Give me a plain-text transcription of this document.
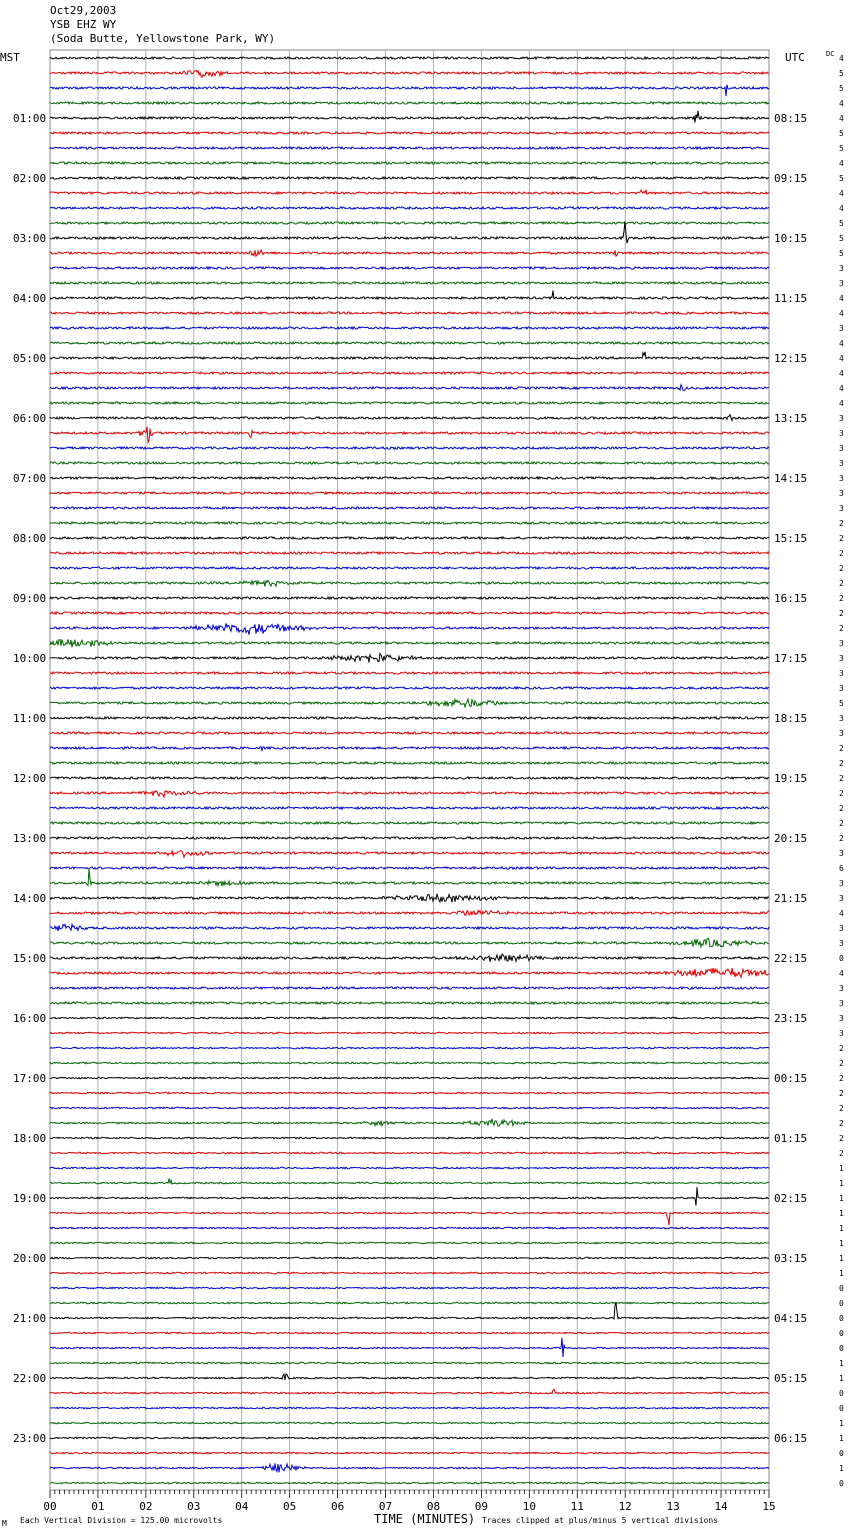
Oct29,2003
YSB EHZ WY
(Soda Butte, Yellowstone Park, WY)
4
5
5
4
4
5
5
4
5
4
4
5
5
5
3
3
4
4
3
4
4
4
4
4
3
3
3
3
3
3
3
2
2
2
2
2
2
2
2
3
3
3
3
5
3
3
2
2
2
2
2
2
2
3
6
3
3
4
3
3
0
4
3
3
3
3
2
2
2
2
2
2
2
2
1
1
1
1
1
1
1
1
0
0
0
0
0
1
1
0
0
1
1
0
1
0
MST	UTC	DC
01:00
02:00
03:00
04:00
05:00
06:00
07:00
08:00
09:00
10:00
11:00
12:00
13:00
14:00
15:00
16:00
17:00
18:00
19:00
20:00
21:00
22:00
23:00
08:15
09:15
10:15
11:15
12:15
13:15
14:15
15:15
16:15
17:15
18:15
19:15
20:15
21:15
22:15
23:15
00:15
01:15
02:15
03:15
04:15
05:15
06:15
00	01	02	03	04	05	06	07	08	09	10	11	12	13	14	15
TIME (MINUTES)
Each Vertical Division = 125.00 microvolts	Traces clipped at plus/minus 5 vertical divisions
M
